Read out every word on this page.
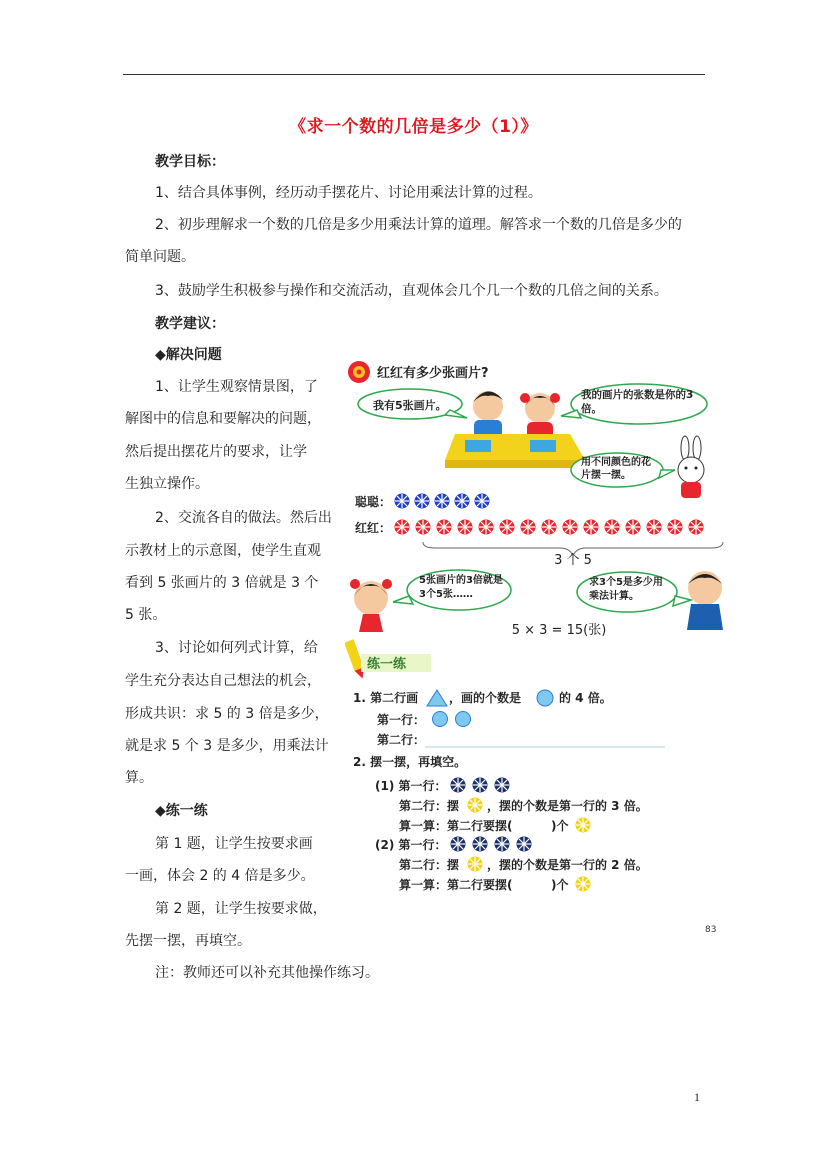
《求一个数的几倍是多少（1）》
教学目标：
1、结合具体事例，经历动手摆花片、讨论用乘法计算的过程。
2、初步理解求一个数的几倍是多少用乘法计算的道理。解答求一个数的几倍是多少的
简单问题。
3、鼓励学生积极参与操作和交流活动，直观体会几个几一个数的几倍之间的关系。
教学建议：
◆解决问题
1、让学生观察情景图，了
解图中的信息和要解决的问题，
然后提出摆花片的要求，让学
生独立操作。
2、交流各自的做法。然后出
示教材上的示意图，使学生直观
看到 5 张画片的 3 倍就是 3 个
5 张。
3、讨论如何列式计算，给
学生充分表达自己想法的机会，
形成共识：求 5 的 3 倍是多少，
就是求 5 个 3 是多少，用乘法计
算。
◆练一练
第 1 题，让学生按要求画
一画，体会 2 的 4 倍是多少。
第 2 题，让学生按要求做，
先摆一摆，再填空。
注：教师还可以补充其他操作练习。
红红有多少张画片?
我有5张画片。
我的画片的张数是你的3倍。
用不同颜色的花片摆一摆。
聪聪：
红红：
3 个 5
5张画片的3倍就是3个5张……
求3个5是多少用乘法计算。
5 × 3 = 15(张)
练一练
1. 第二行画	，画的个数是	的 4 倍。
第一行：
第二行：
2. 摆一摆，再填空。
(1) 第一行：
第二行：摆 ，摆的个数是第一行的 3 倍。
算一算：第二行要摆(	)个
(2) 第一行：
第二行：摆 ，摆的个数是第一行的 2 倍。
算一算：第二行要摆(	)个
83
1
